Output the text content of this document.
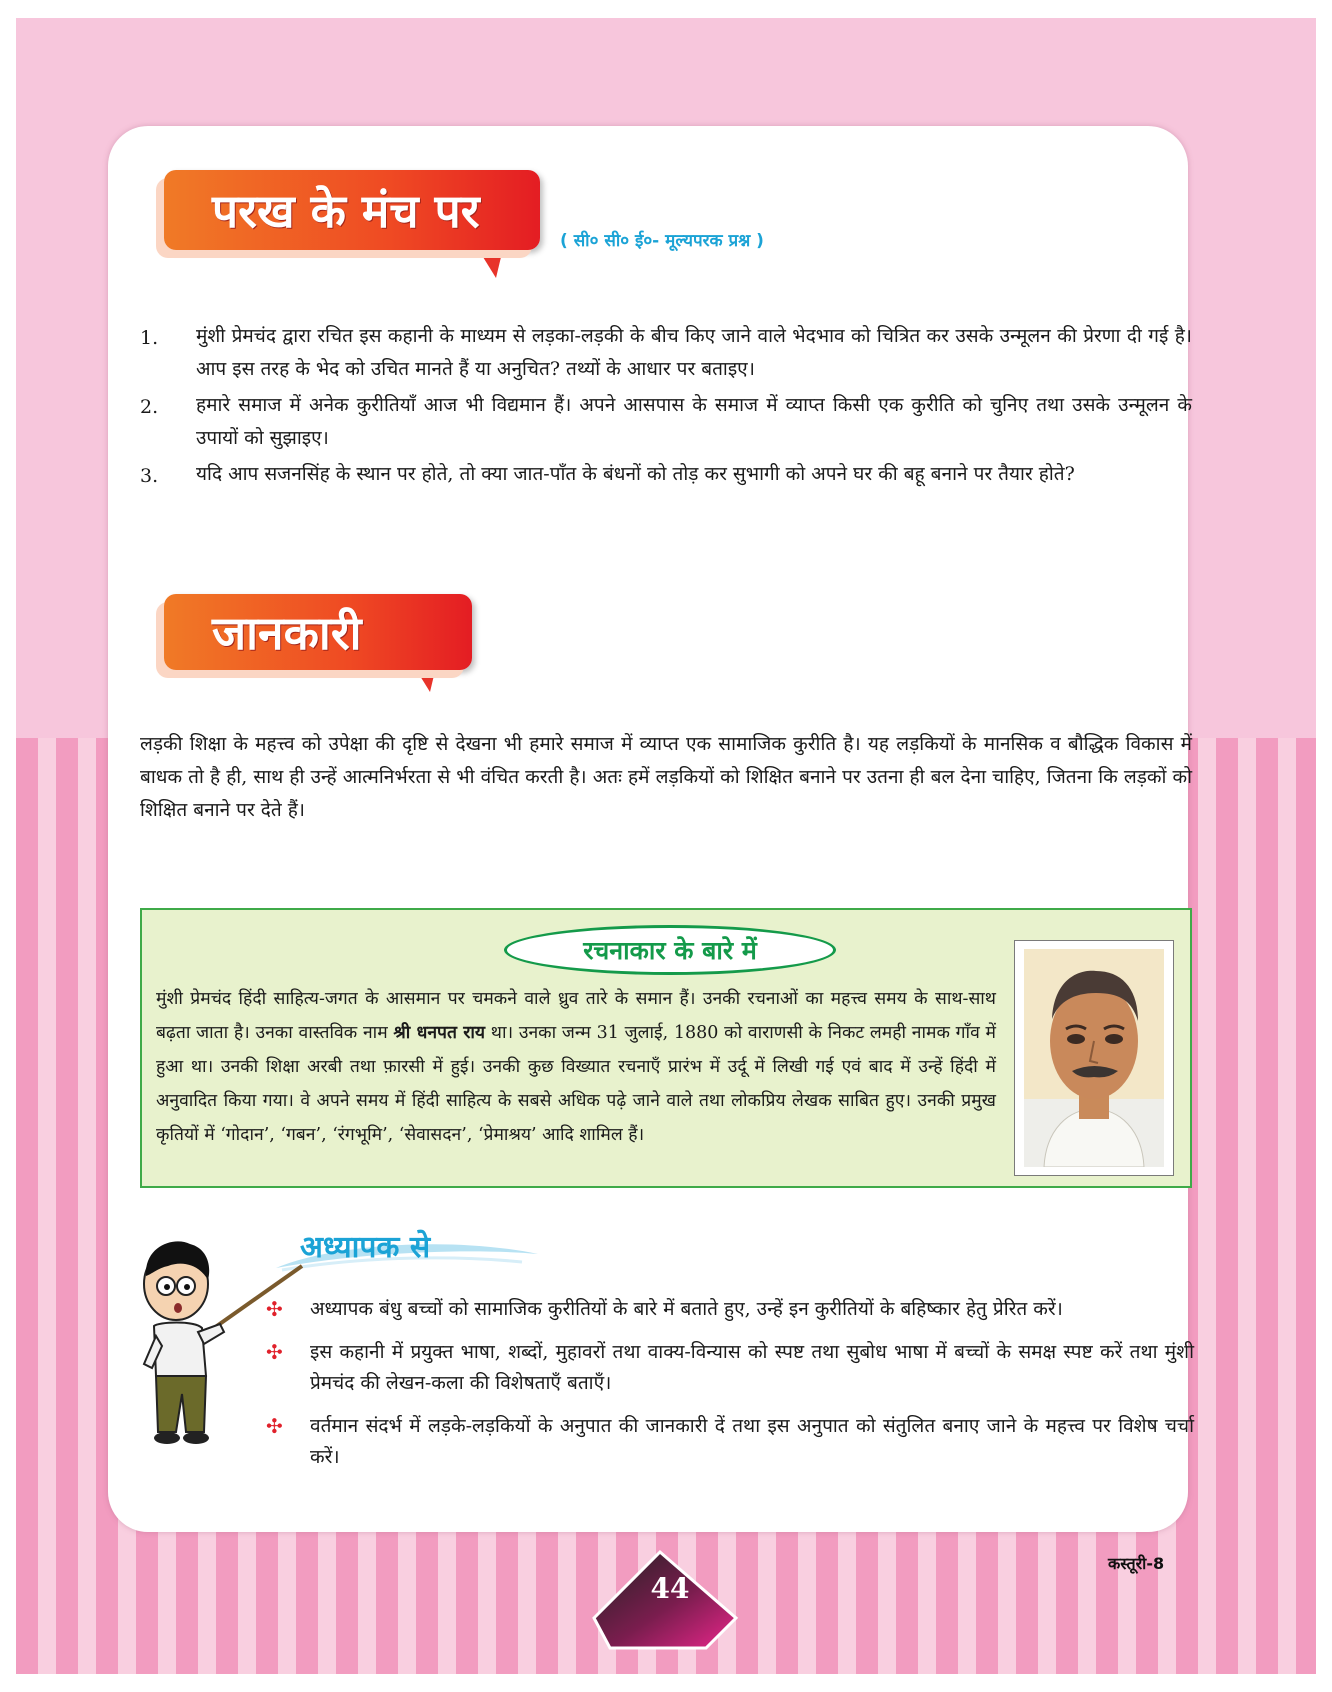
परख के मंच पर
( सी० सी० ई०- मूल्यपरक प्रश्न )
1.	मुंशी प्रेमचंद द्वारा रचित इस कहानी के माध्यम से लड़का-लड़की के बीच किए जाने वाले भेदभाव को चित्रित कर उसके उन्मूलन की प्रेरणा दी गई है। आप इस तरह के भेद को उचित मानते हैं या अनुचित? तथ्यों के आधार पर बताइए।
2.	हमारे समाज में अनेक कुरीतियाँ आज भी विद्यमान हैं। अपने आसपास के समाज में व्याप्त किसी एक कुरीति को चुनिए तथा उसके उन्मूलन के उपायों को सुझाइए।
3.	यदि आप सजनसिंह के स्थान पर होते, तो क्या जात-पाँत के बंधनों को तोड़ कर सुभागी को अपने घर की बहू बनाने पर तैयार होते?
जानकारी
लड़की शिक्षा के महत्त्व को उपेक्षा की दृष्टि से देखना भी हमारे समाज में व्याप्त एक सामाजिक कुरीति है। यह लड़कियों के मानसिक व बौद्धिक विकास में बाधक तो है ही, साथ ही उन्हें आत्मनिर्भरता से भी वंचित करती है। अतः हमें लड़कियों को शिक्षित बनाने पर उतना ही बल देना चाहिए, जितना कि लड़कों को शिक्षित बनाने पर देते हैं।
रचनाकार के बारे में
मुंशी प्रेमचंद हिंदी साहित्य-जगत के आसमान पर चमकने वाले ध्रुव तारे के समान हैं। उनकी रचनाओं का महत्त्व समय के साथ-साथ बढ़ता जाता है। उनका वास्तविक नाम श्री धनपत राय था। उनका जन्म 31 जुलाई, 1880 को वाराणसी के निकट लमही नामक गाँव में हुआ था। उनकी शिक्षा अरबी तथा फ़ारसी में हुई। उनकी कुछ विख्यात रचनाएँ प्रारंभ में उर्दू में लिखी गई एवं बाद में उन्हें हिंदी में अनुवादित किया गया। वे अपने समय में हिंदी साहित्य के सबसे अधिक पढ़े जाने वाले तथा लोकप्रिय लेखक साबित हुए। उनकी प्रमुख कृतियों में ‘गोदान’, ‘गबन’, ‘रंगभूमि’, ‘सेवासदन’, ‘प्रेमाश्रय’ आदि शामिल हैं।
अध्यापक से
✣	अध्यापक बंधु बच्चों को सामाजिक कुरीतियों के बारे में बताते हुए, उन्हें इन कुरीतियों के बहिष्कार हेतु प्रेरित करें।
✣	इस कहानी में प्रयुक्त भाषा, शब्दों, मुहावरों तथा वाक्य-विन्यास को स्पष्ट तथा सुबोध भाषा में बच्चों के समक्ष स्पष्ट करें तथा मुंशी प्रेमचंद की लेखन-कला की विशेषताएँ बताएँ।
✣	वर्तमान संदर्भ में लड़के-लड़कियों के अनुपात की जानकारी दें तथा इस अनुपात को संतुलित बनाए जाने के महत्त्व पर विशेष चर्चा करें।
44
कस्तूरी-8
